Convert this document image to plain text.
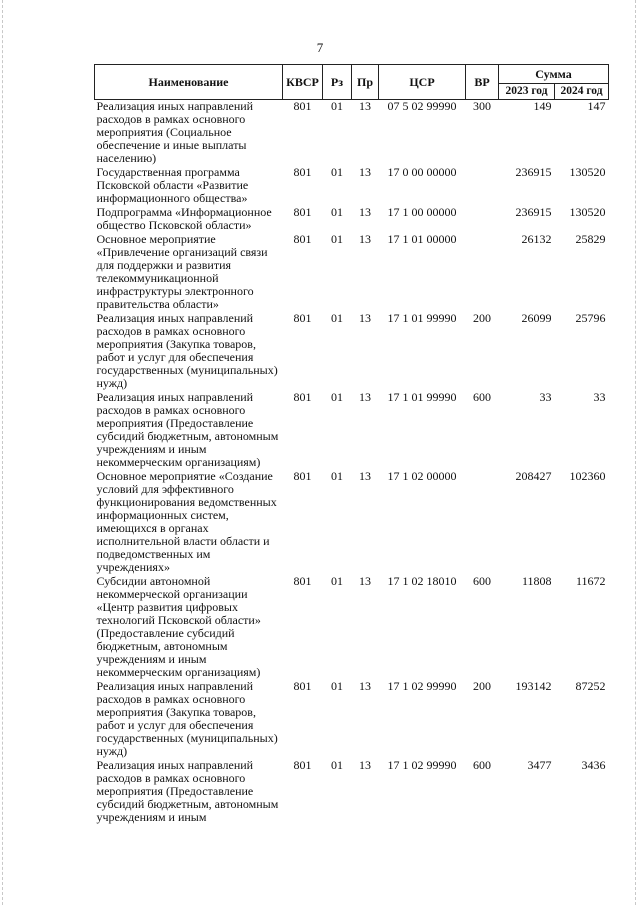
7
Наименование	КВСР	Рз	Пр	ЦСР	ВР	Сумма	
						2023 год	2024 год
Реализация иных направлений расходов в рамках основного мероприятия (Социальное обеспечение и иные выплаты населению)	801	01	13	07 5 02 99990	300	149	147
Государственная программа Псковской области «Развитие информационного общества»	801	01	13	17 0 00 00000		236915	130520
Подпрограмма «Информационное общество Псковской области»	801	01	13	17 1 00 00000		236915	130520
Основное мероприятие «Привлечение организаций связи для поддержки и развития телекоммуникационной инфраструктуры электронного правительства области»	801	01	13	17 1 01 00000		26132	25829
Реализация иных направлений расходов в рамках основного мероприятия (Закупка товаров, работ и услуг для обеспечения государственных (муниципальных) нужд)	801	01	13	17 1 01 99990	200	26099	25796
Реализация иных направлений расходов в рамках основного мероприятия (Предоставление субсидий бюджетным, автономным учреждениям и иным некоммерческим организациям)	801	01	13	17 1 01 99990	600	33	33
Основное мероприятие «Создание условий для эффективного функционирования ведомственных информационных систем, имеющихся в органах исполнительной власти области и подведомственных им учреждениях»	801	01	13	17 1 02 00000		208427	102360
Субсидии автономной некоммерческой организации «Центр развития цифровых технологий Псковской области» (Предоставление субсидий бюджетным, автономным учреждениям и иным некоммерческим организациям)	801	01	13	17 1 02 18010	600	11808	11672
Реализация иных направлений расходов в рамках основного мероприятия (Закупка товаров, работ и услуг для обеспечения государственных (муниципальных) нужд)	801	01	13	17 1 02 99990	200	193142	87252
Реализация иных направлений расходов в рамках основного мероприятия (Предоставление субсидий бюджетным, автономным учреждениям и иным	801	01	13	17 1 02 99990	600	3477	3436
